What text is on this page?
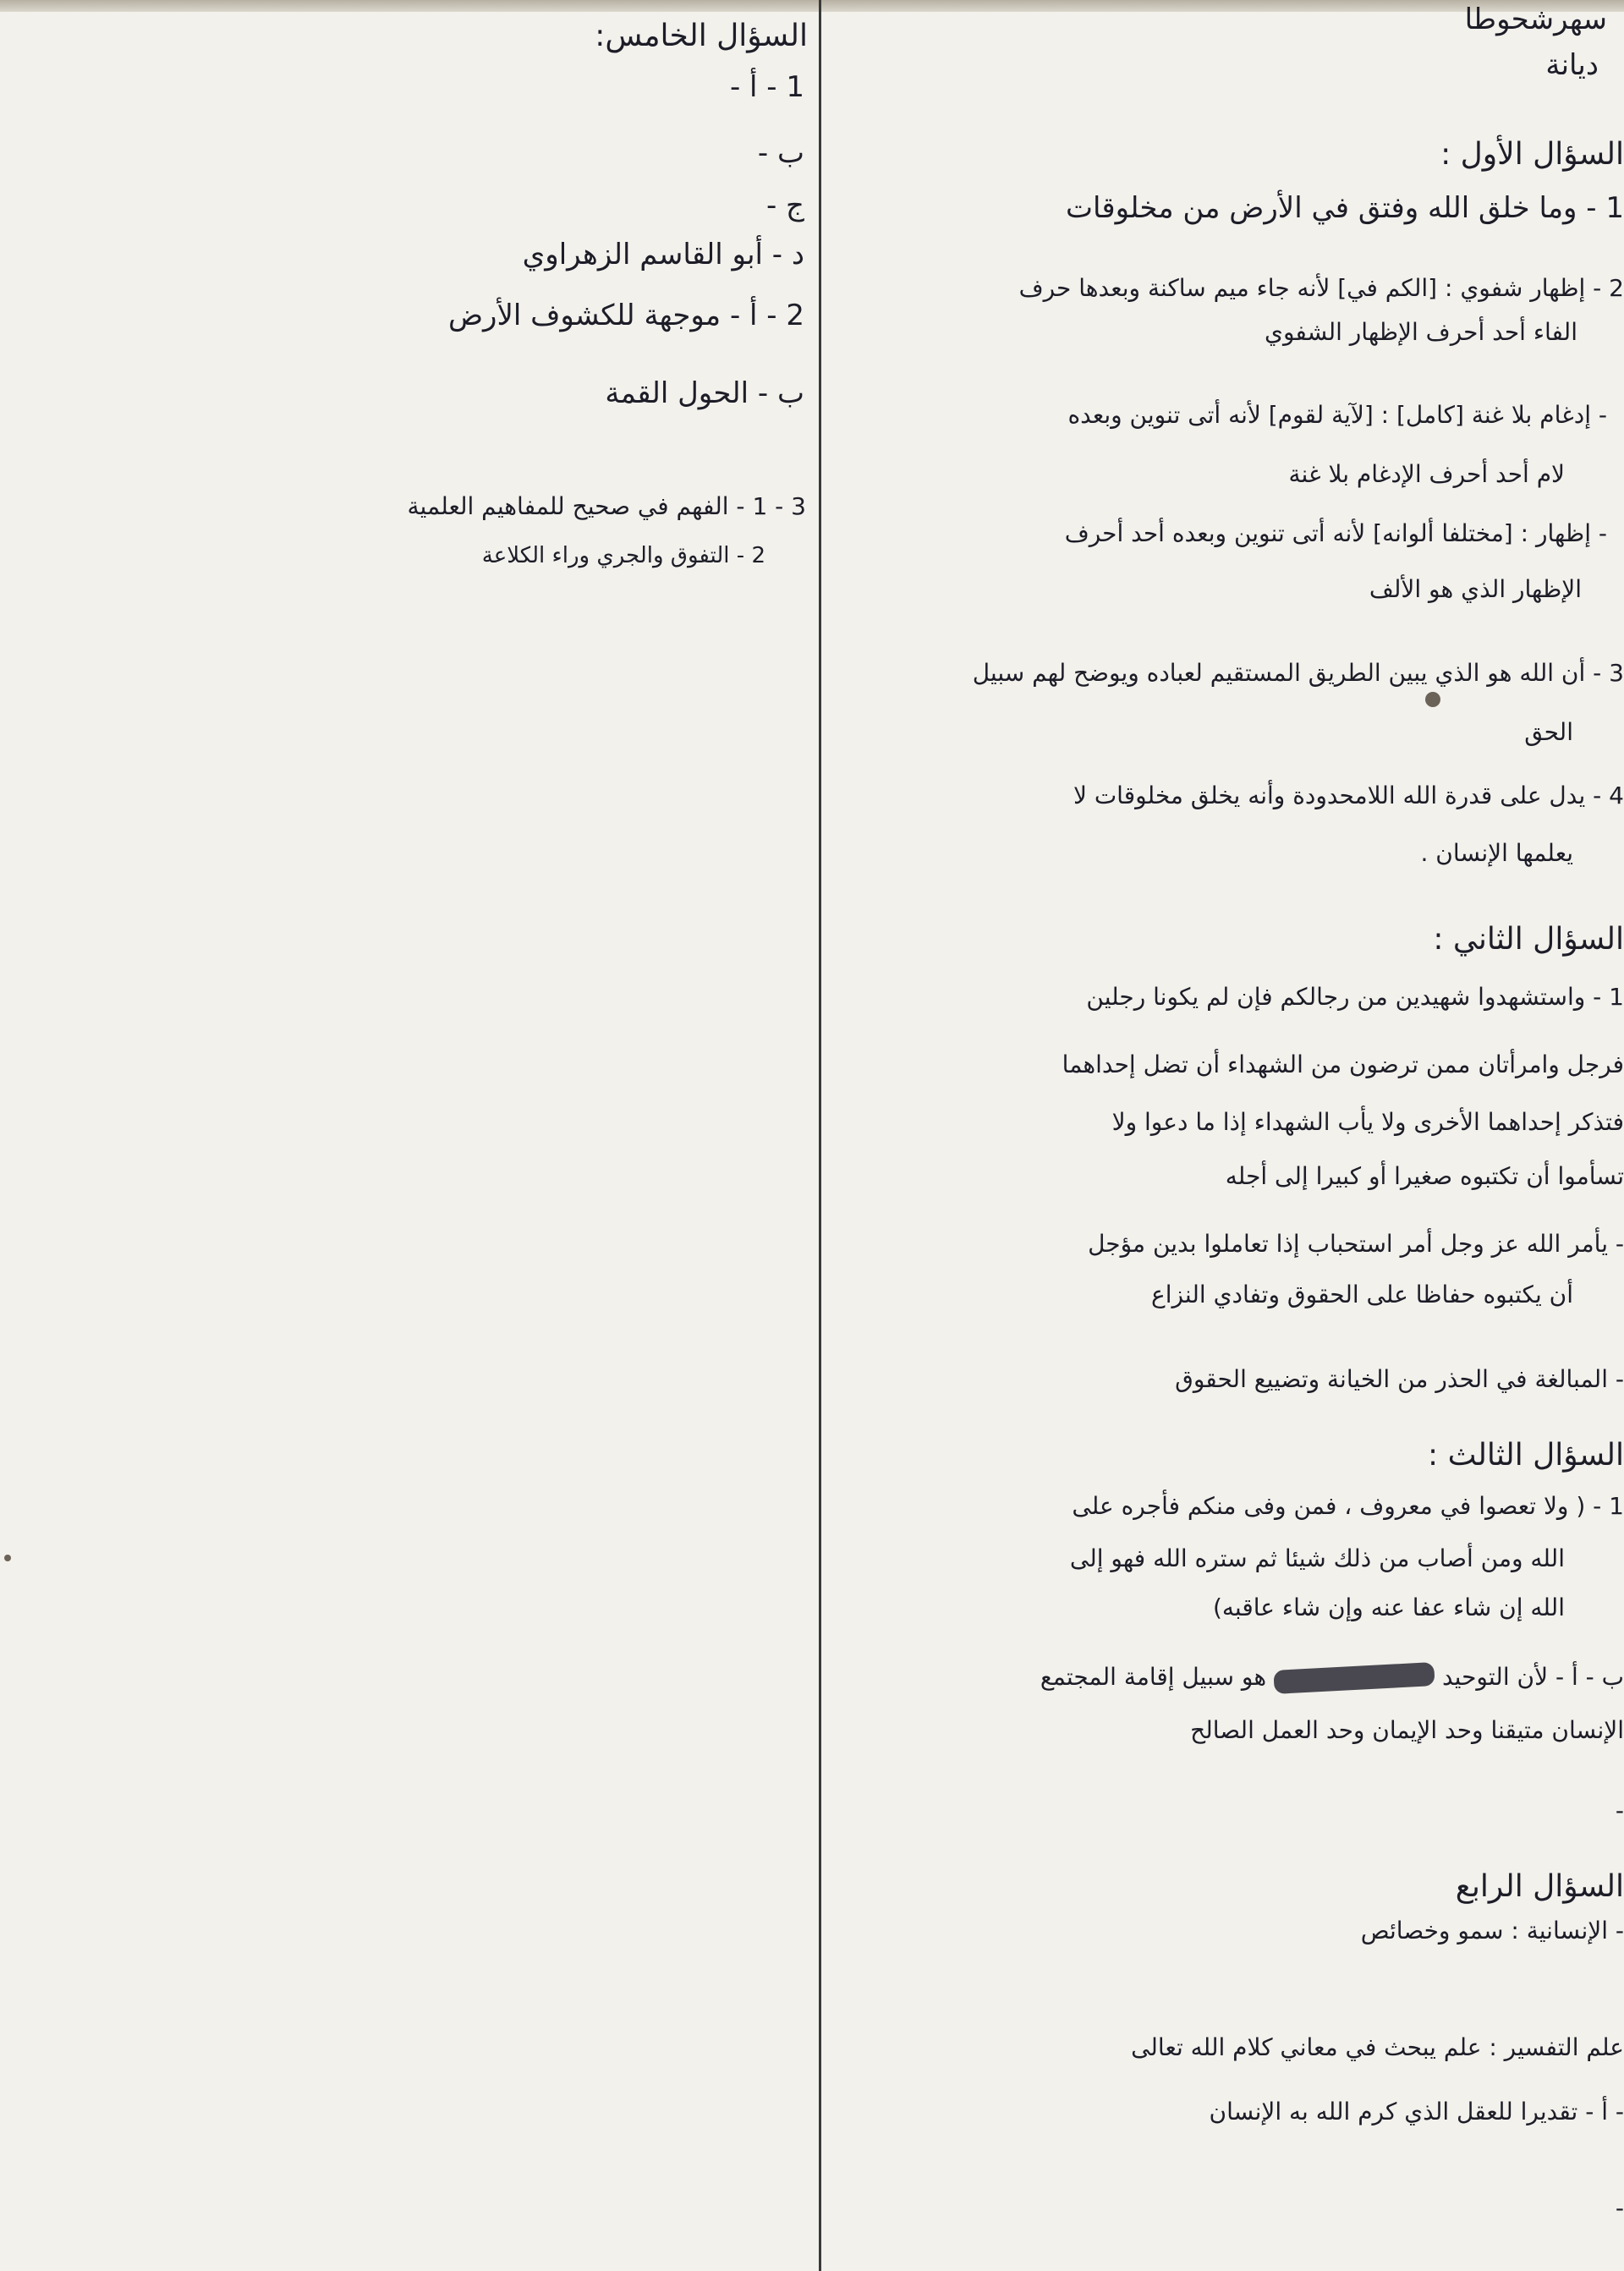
السؤال الخامس:
1 - أ -
ب -
ج -
د - أبو القاسم الزهراوي
2 - أ - موجهة للكشوف الأرض
ب - الحول القمة
3 - 1 - الفهم في صحيح للمفاهيم العلمية
2 - التفوق والجري وراء الكلاعة
سهرشحوطا
ديانة
السؤال الأول :
1 - وما خلق الله وفتق في الأرض من مخلوقات
2 - إظهار شفوي : [الكم في] لأنه جاء ميم ساكنة وبعدها حرف
الفاء أحد أحرف الإظهار الشفوي
- إدغام بلا غنة [كامل] : [لآية لقوم] لأنه أتى تنوين وبعده
لام أحد أحرف الإدغام بلا غنة
- إظهار : [مختلفا ألوانه] لأنه أتى تنوين وبعده أحد أحرف
الإظهار الذي هو الألف
3 - أن الله هو الذي يبين الطريق المستقيم لعباده ويوضح لهم سبيل
الحق
4 - يدل على قدرة الله اللامحدودة وأنه يخلق مخلوقات لا
يعلمها الإنسان .
السؤال الثاني :
1 - واستشهدوا شهيدين من رجالكم فإن لم يكونا رجلين
فرجل وامرأتان ممن ترضون من الشهداء أن تضل إحداهما
فتذكر إحداهما الأخرى ولا يأب الشهداء إذا ما دعوا ولا
تسأموا أن تكتبوه صغيرا أو كبيرا إلى أجله
- يأمر الله عز وجل أمر استحباب إذا تعاملوا بدين مؤجل
أن يكتبوه حفاظا على الحقوق وتفادي النزاع
- المبالغة في الحذر من الخيانة وتضييع الحقوق
السؤال الثالث :
1 - ( ولا تعصوا في معروف ، فمن وفى منكم فأجره على
الله ومن أصاب من ذلك شيئا ثم ستره الله فهو إلى
الله إن شاء عفا عنه وإن شاء عاقبه)
ب - أ - لأن التوحيد  هو سبيل إقامة المجتمع
الإنسان متيقنا وحد الإيمان وحد العمل الصالح
-
السؤال الرابع
- الإنسانية : سمو وخصائص
علم التفسير : علم يبحث في معاني كلام الله تعالى
- أ - تقديرا للعقل الذي كرم الله به الإنسان
-
